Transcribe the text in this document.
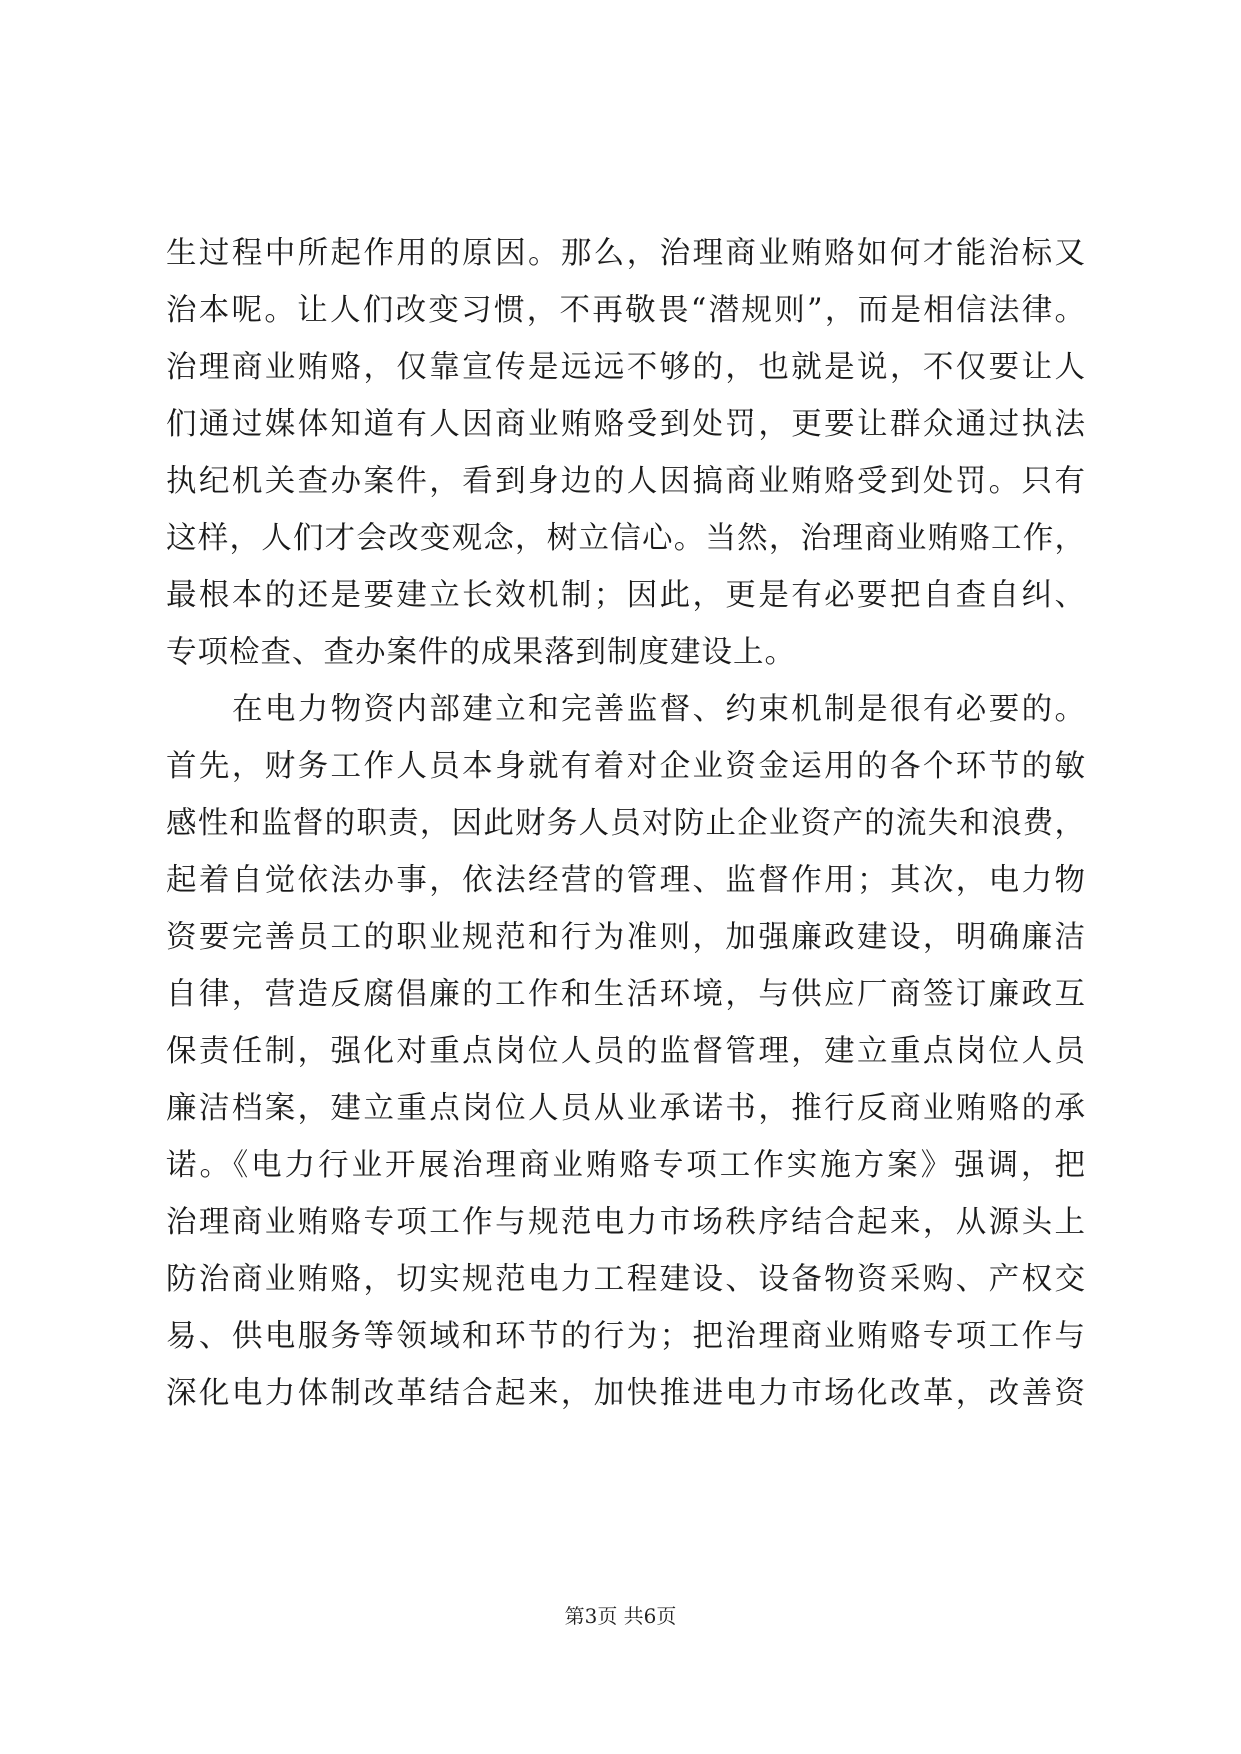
生过程中所起作用的原因。那么，治理商业贿赂如何才能治标又
治本呢。让人们改变习惯，不再敬畏“潜规则”，而是相信法律。
治理商业贿赂，仅靠宣传是远远不够的，也就是说，不仅要让人
们通过媒体知道有人因商业贿赂受到处罚，更要让群众通过执法
执纪机关查办案件，看到身边的人因搞商业贿赂受到处罚。只有
这样，人们才会改变观念，树立信心。当然，治理商业贿赂工作，
最根本的还是要建立长效机制；因此，更是有必要把自查自纠、
专项检查、查办案件的成果落到制度建设上。
在电力物资内部建立和完善监督、约束机制是很有必要的。
首先，财务工作人员本身就有着对企业资金运用的各个环节的敏
感性和监督的职责，因此财务人员对防止企业资产的流失和浪费，
起着自觉依法办事，依法经营的管理、监督作用；其次，电力物
资要完善员工的职业规范和行为准则，加强廉政建设，明确廉洁
自律，营造反腐倡廉的工作和生活环境，与供应厂商签订廉政互
保责任制，强化对重点岗位人员的监督管理，建立重点岗位人员
廉洁档案，建立重点岗位人员从业承诺书，推行反商业贿赂的承
诺。《电力行业开展治理商业贿赂专项工作实施方案》强调，把
治理商业贿赂专项工作与规范电力市场秩序结合起来，从源头上
防治商业贿赂，切实规范电力工程建设、设备物资采购、产权交
易、供电服务等领域和环节的行为；把治理商业贿赂专项工作与
深化电力体制改革结合起来，加快推进电力市场化改革，改善资
第3页 共6页
